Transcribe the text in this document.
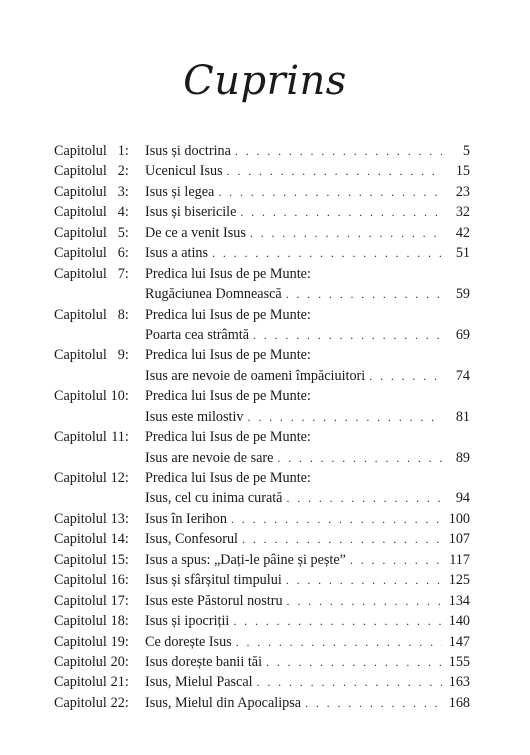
Cuprins
Capitolul 1:	Isus și doctrina . . .	5
Capitolul 2:	Ucenicul Isus . . .	15
Capitolul 3:	Isus și legea . . .	23
Capitolul 4:	Isus și bisericile . . .	32
Capitolul 5:	De ce a venit Isus . . .	42
Capitolul 6:	Isus a atins . . .	51
Capitolul 7:	Predica lui Isus de pe Munte:
Rugăciunea Domnească . . .	59
Capitolul 8:	Predica lui Isus de pe Munte:
Poarta cea strâmtă . . .	69
Capitolul 9:	Predica lui Isus de pe Munte:
Isus are nevoie de oameni împăciuitori . . .	74
Capitolul 10:	Predica lui Isus de pe Munte:
Isus este milostiv . . .	81
Capitolul 11:	Predica lui Isus de pe Munte:
Isus are nevoie de sare . . .	89
Capitolul 12:	Predica lui Isus de pe Munte:
Isus, cel cu inima curată . . .	94
Capitolul 13:	Isus în Ierihon . . .	100
Capitolul 14:	Isus, Confesorul . . .	107
Capitolul 15:	Isus a spus: „Dați-le pâine și pește” . . .	117
Capitolul 16:	Isus și sfârșitul timpului . . .	125
Capitolul 17:	Isus este Păstorul nostru . . .	134
Capitolul 18:	Isus și ipocriții . . .	140
Capitolul 19:	Ce dorește Isus . . .	147
Capitolul 20:	Isus dorește banii tăi . . .	155
Capitolul 21:	Isus, Mielul Pascal . . .	163
Capitolul 22:	Isus, Mielul din Apocalipsa . . .	168
